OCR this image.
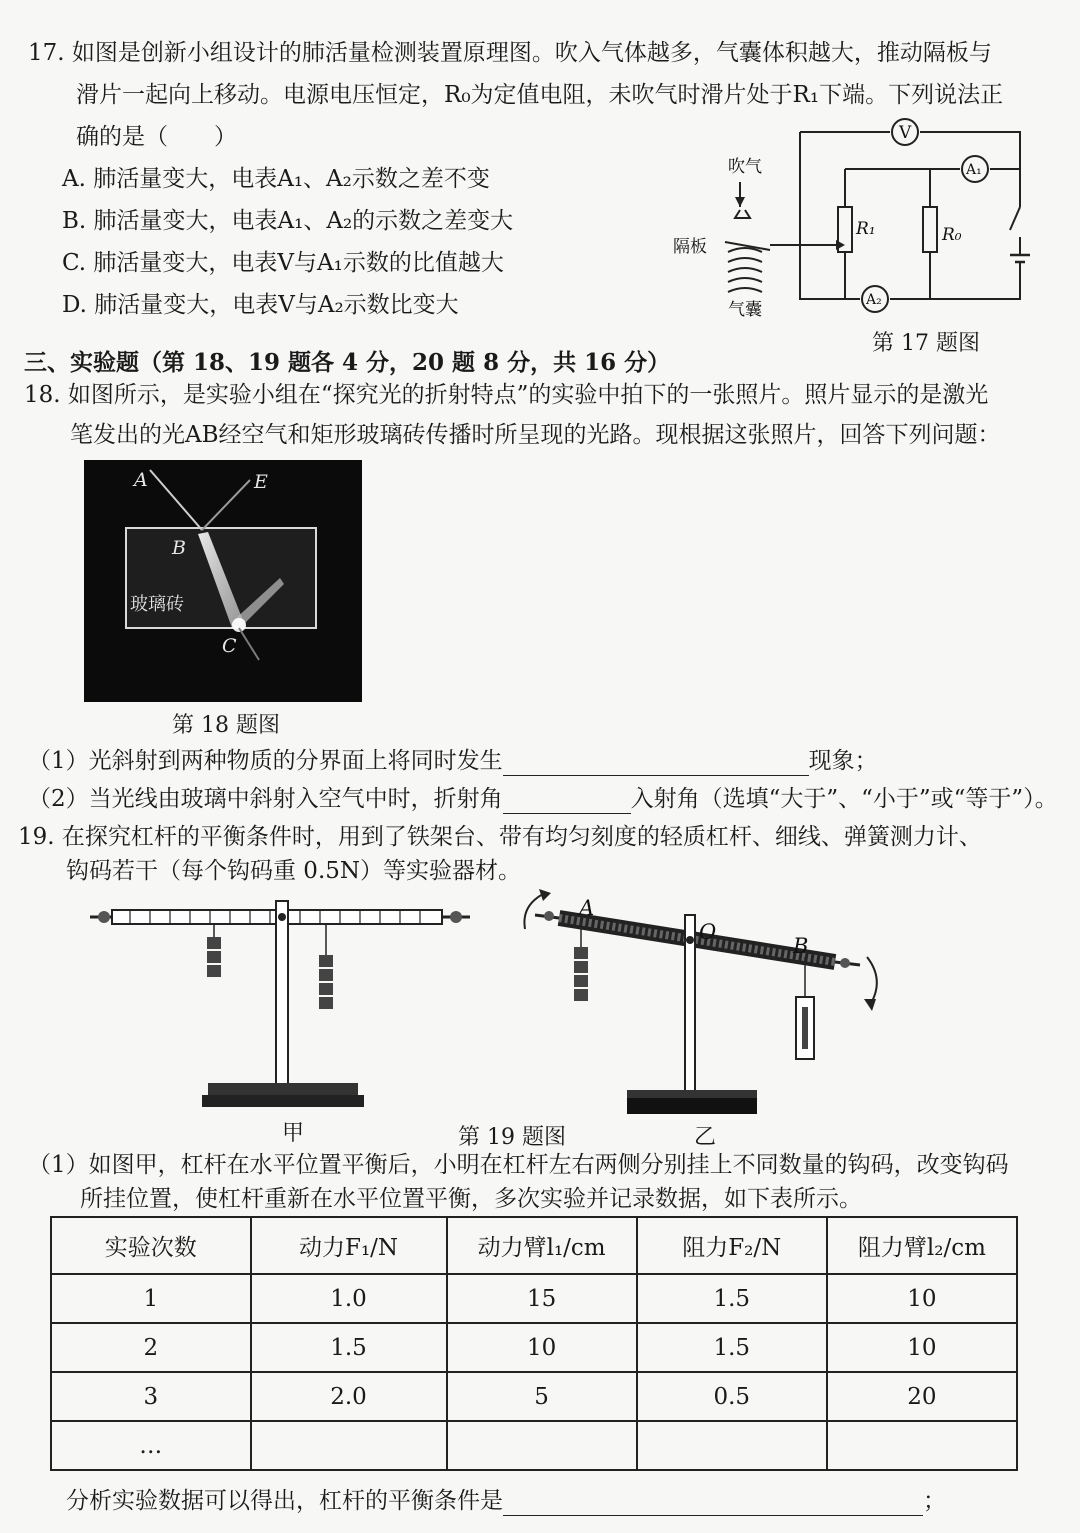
17. 如图是创新小组设计的肺活量检测装置原理图。吹入气体越多，气囊体积越大，推动隔板与
滑片一起向上移动。电源电压恒定，R₀为定值电阻，未吹气时滑片处于R₁下端。下列说法正
确的是（　　）
A. 肺活量变大，电表A₁、A₂示数之差不变
B. 肺活量变大，电表A₁、A₂的示数之差变大
C. 肺活量变大，电表V与A₁示数的比值越大
D. 肺活量变大，电表V与A₂示数比变大
V
A₁
A₂
R₁	R₀
吹气
隔板
气囊
第 17 题图
三、实验题（第 18、19 题各 4 分，20 题 8 分，共 16 分）
18. 如图所示，是实验小组在“探究光的折射特点”的实验中拍下的一张照片。照片显示的是激光
笔发出的光AB经空气和矩形玻璃砖传播时所呈现的光路。现根据这张照片，回答下列问题：
A	E
B
C
玻璃砖
第 18 题图
（1）光斜射到两种物质的分界面上将同时发生	现象；
（2）当光线由玻璃中斜射入空气中时，折射角	入射角（选填“大于”、“小于”或“等于”）。
19. 在探究杠杆的平衡条件时，用到了铁架台、带有均匀刻度的轻质杠杆、细线、弹簧测力计、
钩码若干（每个钩码重 0.5N）等实验器材。
甲
A
O
B
乙
第 19 题图
（1）如图甲，杠杆在水平位置平衡后，小明在杠杆左右两侧分别挂上不同数量的钩码，改变钩码
所挂位置，使杠杆重新在水平位置平衡，多次实验并记录数据，如下表所示。
实验次数	动力F₁/N	动力臂l₁/cm	阻力F₂/N	阻力臂l₂/cm
1	1.0	15	1.5	10
2	1.5	10	1.5	10
3	2.0	5	0.5	20
…				
分析实验数据可以得出，杠杆的平衡条件是	；
